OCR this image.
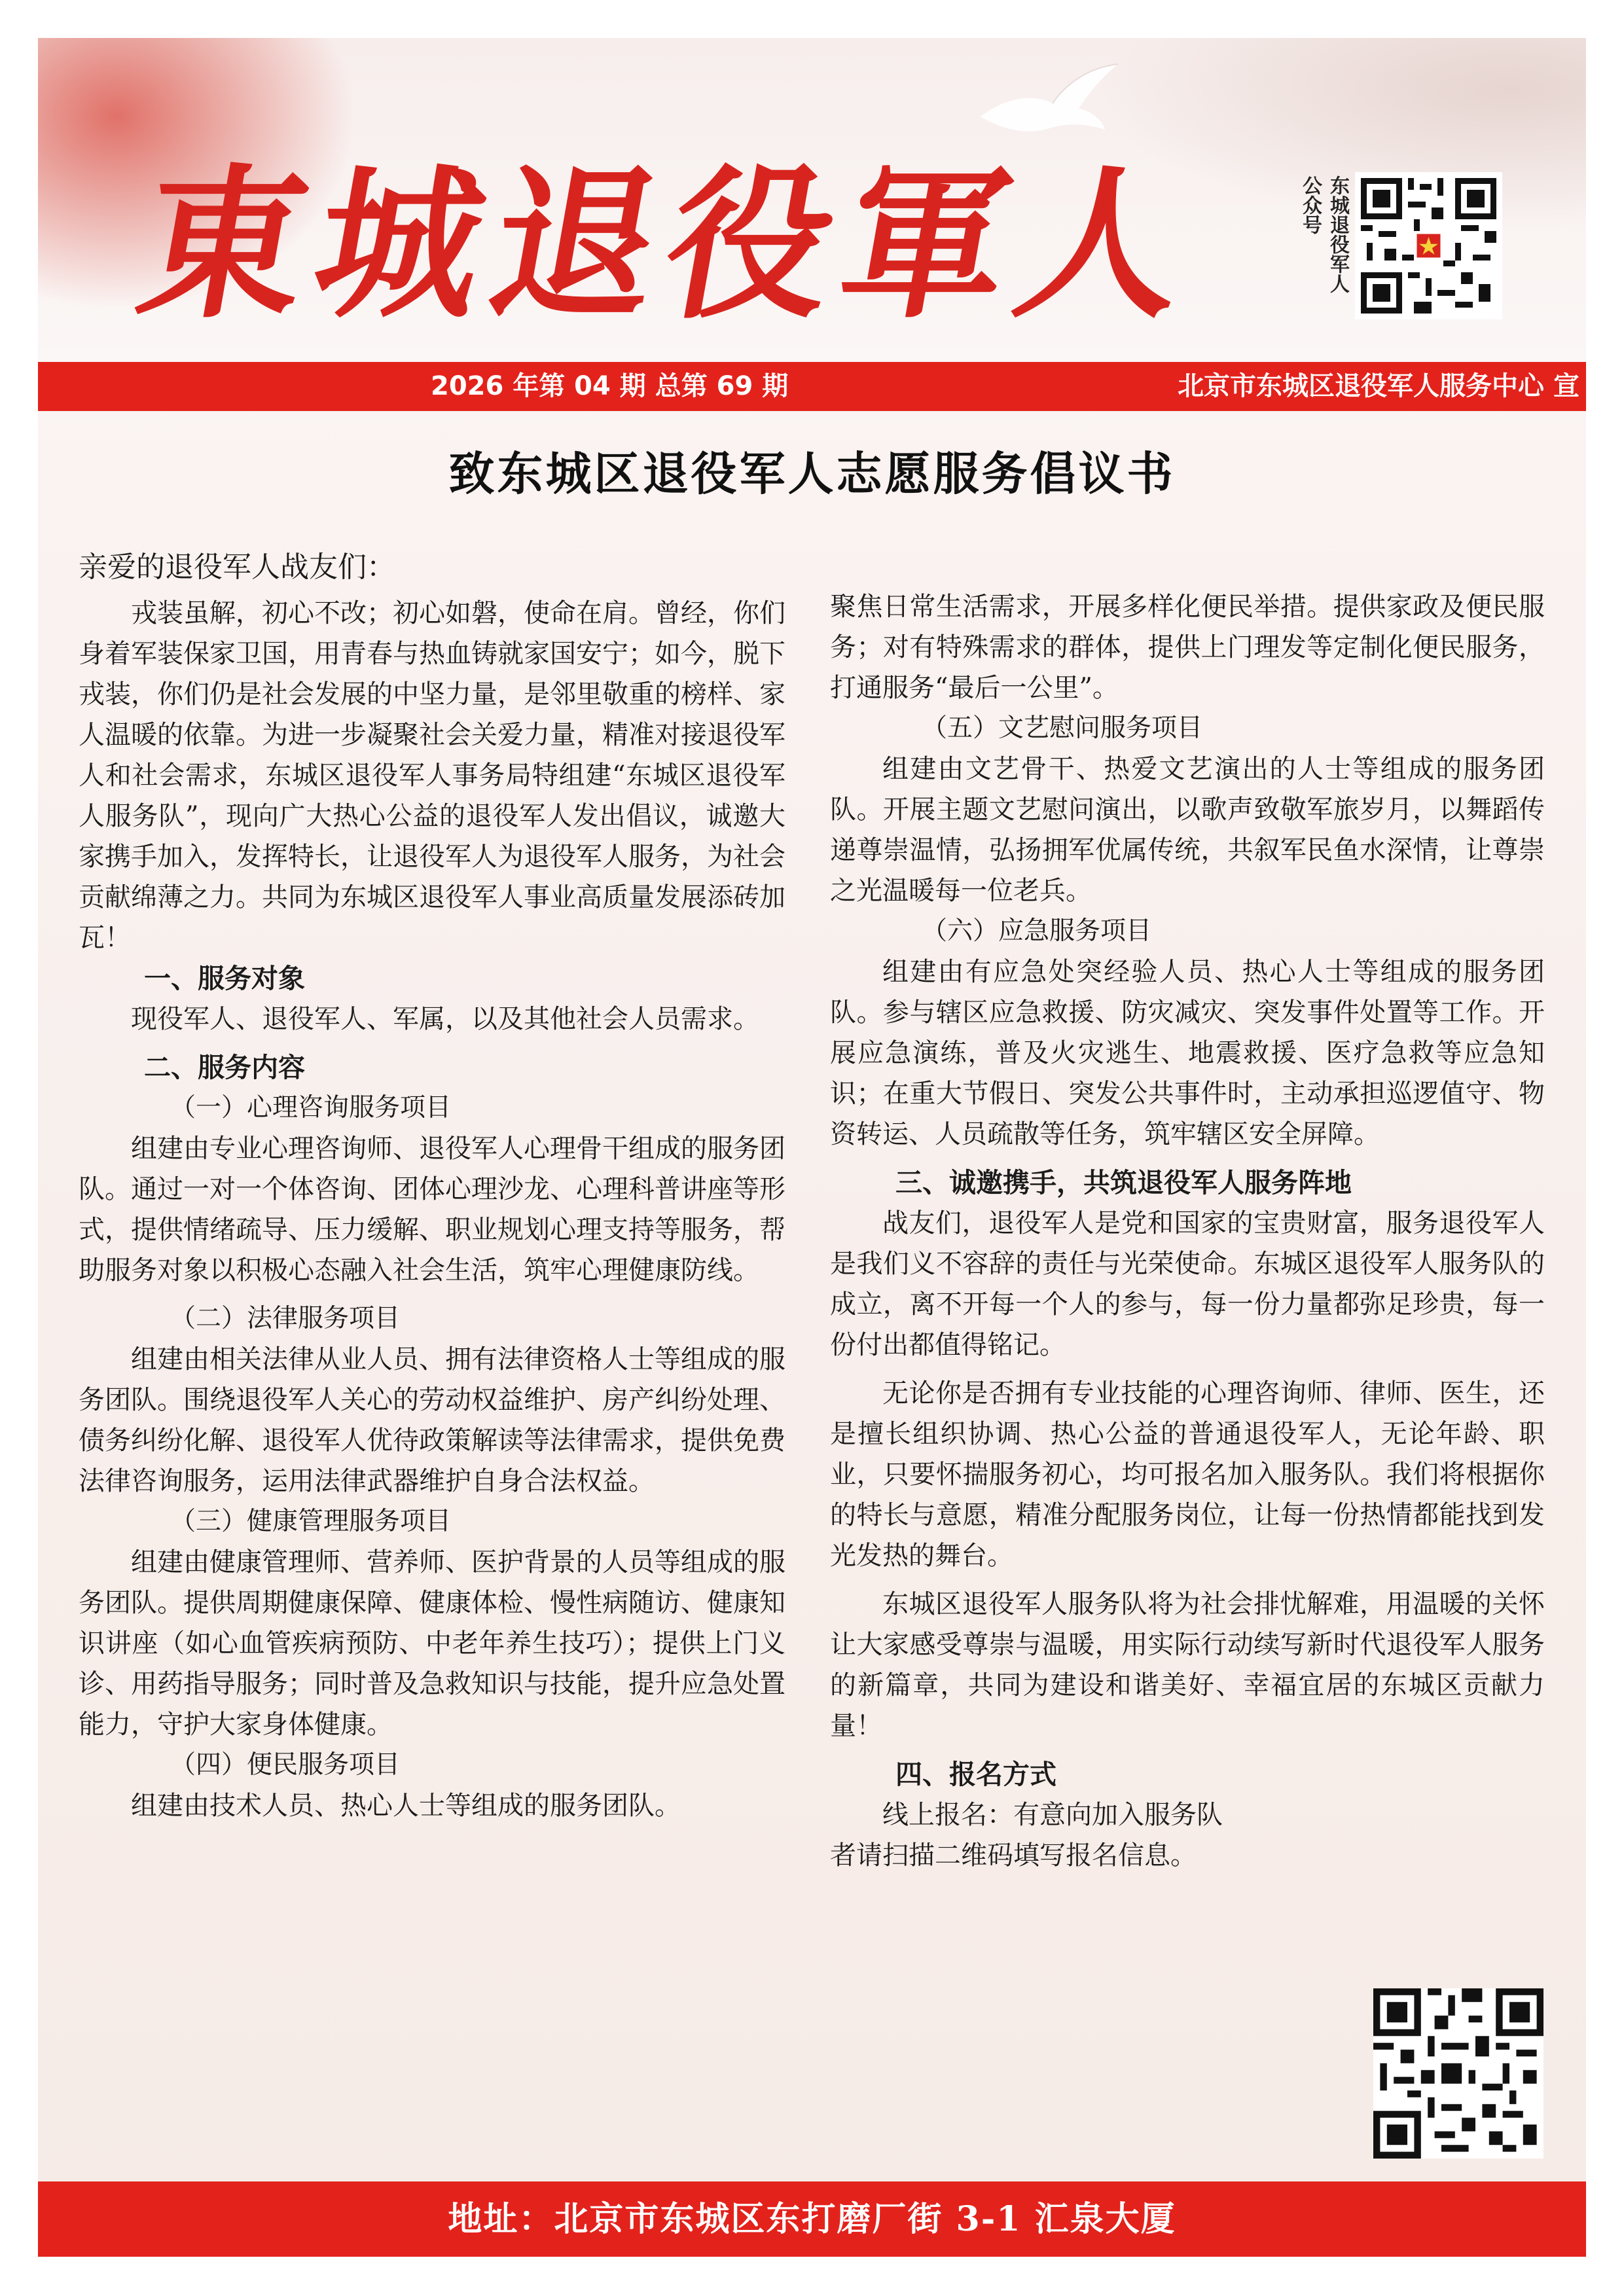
東城退役軍人	东城退役军人
公众号
2026 年第 04 期 总第 69 期	北京市东城区退役军人服务中心 宣
致东城区退役军人志愿服务倡议书

亲爱的退役军人战友们：

戎装虽解，初心不改；初心如磐，使命在肩。曾经，你们身着军装保家卫国，用青春与热血铸就家国安宁；如今，脱下戎装，你们仍是社会发展的中坚力量，是邻里敬重的榜样、家人温暖的依靠。为进一步凝聚社会关爱力量，精准对接退役军人和社会需求，东城区退役军人事务局特组建“东城区退役军人服务队”，现向广大热心公益的退役军人发出倡议，诚邀大家携手加入，发挥特长，让退役军人为退役军人服务，为社会贡献绵薄之力。共同为东城区退役军人事业高质量发展添砖加瓦！

一、服务对象

现役军人、退役军人、军属，以及其他社会人员需求。

二、服务内容

（一）心理咨询服务项目

组建由专业心理咨询师、退役军人心理骨干组成的服务团队。通过一对一个体咨询、团体心理沙龙、心理科普讲座等形式，提供情绪疏导、压力缓解、职业规划心理支持等服务，帮助服务对象以积极心态融入社会生活，筑牢心理健康防线。

（二）法律服务项目

组建由相关法律从业人员、拥有法律资格人士等组成的服务团队。围绕退役军人关心的劳动权益维护、房产纠纷处理、债务纠纷化解、退役军人优待政策解读等法律需求，提供免费法律咨询服务，运用法律武器维护自身合法权益。

（三）健康管理服务项目

组建由健康管理师、营养师、医护背景的人员等组成的服务团队。提供周期健康保障、健康体检、慢性病随访、健康知识讲座（如心血管疾病预防、中老年养生技巧）；提供上门义诊、用药指导服务；同时普及急救知识与技能，提升应急处置能力，守护大家身体健康。

（四）便民服务项目

组建由技术人员、热心人士等组成的服务团队。

聚焦日常生活需求，开展多样化便民举措。提供家政及便民服务；对有特殊需求的群体，提供上门理发等定制化便民服务，打通服务“最后一公里”。

（五）文艺慰问服务项目

组建由文艺骨干、热爱文艺演出的人士等组成的服务团队。开展主题文艺慰问演出，以歌声致敬军旅岁月，以舞蹈传递尊崇温情，弘扬拥军优属传统，共叙军民鱼水深情，让尊崇之光温暖每一位老兵。

（六）应急服务项目

组建由有应急处突经验人员、热心人士等组成的服务团队。参与辖区应急救援、防灾减灾、突发事件处置等工作。开展应急演练，普及火灾逃生、地震救援、医疗急救等应急知识；在重大节假日、突发公共事件时，主动承担巡逻值守、物资转运、人员疏散等任务，筑牢辖区安全屏障。

三、诚邀携手，共筑退役军人服务阵地

战友们，退役军人是党和国家的宝贵财富，服务退役军人是我们义不容辞的责任与光荣使命。东城区退役军人服务队的成立，离不开每一个人的参与，每一份力量都弥足珍贵，每一份付出都值得铭记。

无论你是否拥有专业技能的心理咨询师、律师、医生，还是擅长组织协调、热心公益的普通退役军人，无论年龄、职业，只要怀揣服务初心，均可报名加入服务队。我们将根据你的特长与意愿，精准分配服务岗位，让每一份热情都能找到发光发热的舞台。

东城区退役军人服务队将为社会排忧解难，用温暖的关怀让大家感受尊崇与温暖，用实际行动续写新时代退役军人服务的新篇章，共同为建设和谐美好、幸福宜居的东城区贡献力量！

四、报名方式

线上报名：有意向加入服务队

者请扫描二维码填写报名信息。

地址：北京市东城区东打磨厂街 3-1 汇泉大厦
